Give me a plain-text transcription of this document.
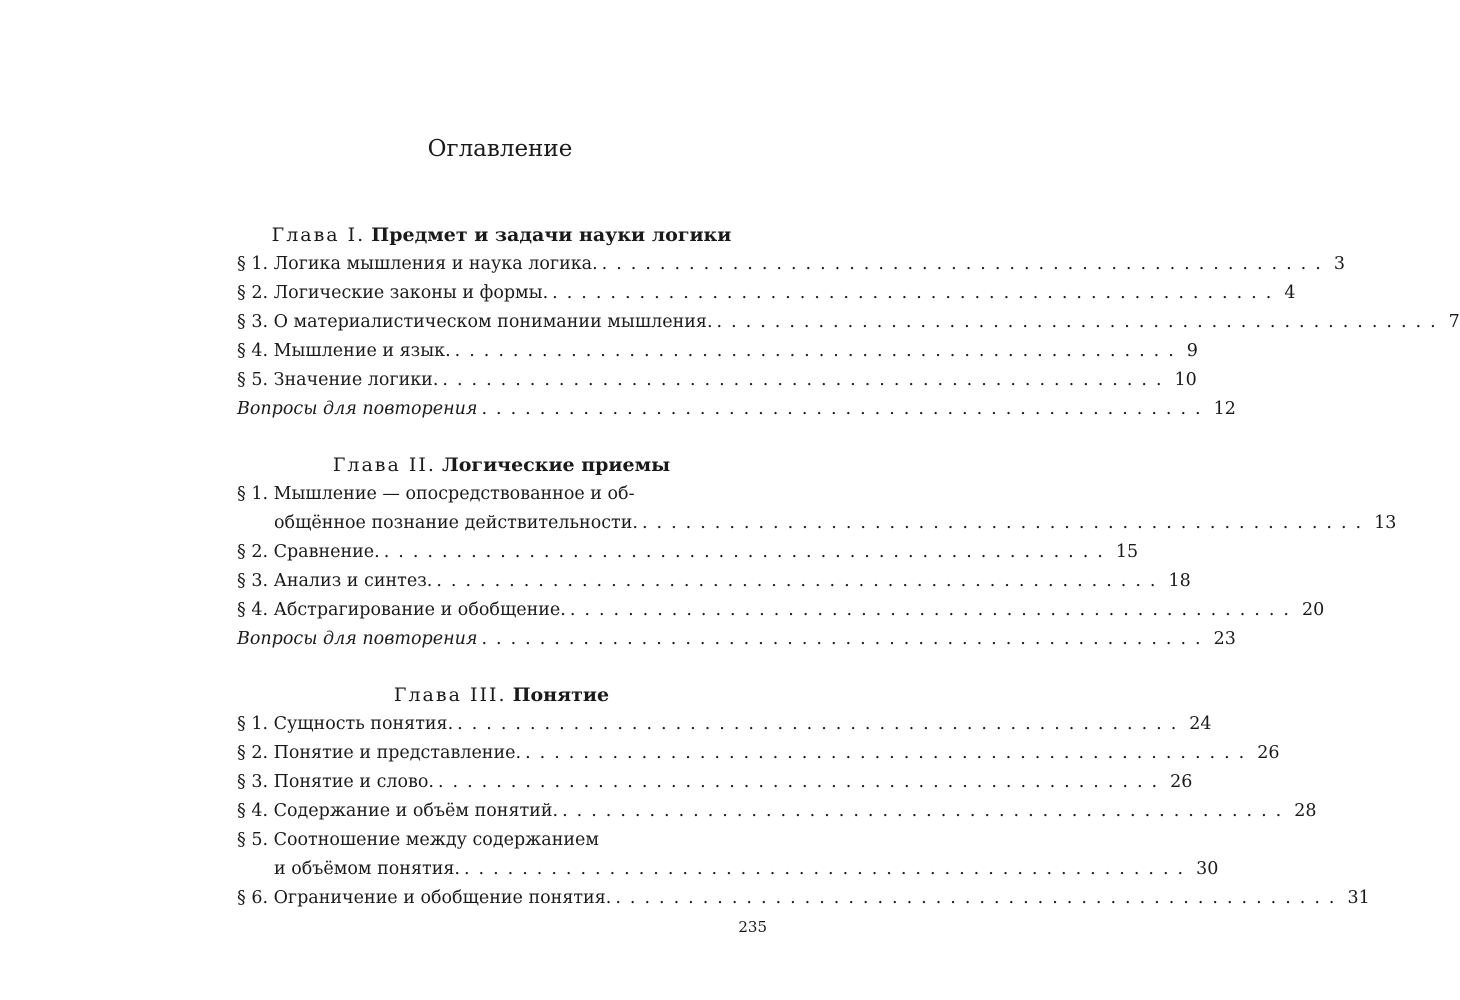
Оглавление
Глава I. Предмет и задачи науки логики
§ 1. Логика мышления и наука логика. .................................................. 3
§ 2. Логические законы и формы. .................................................. 4
§ 3. О материалистическом понимании мышления. .................................................. 7
§ 4. Мышление и язык. .................................................. 9
§ 5. Значение логики. .................................................. 10
Вопросы для повторения .................................................. 12
Глава II. Логические приемы
§ 1. Мышление — опосредствованное и об-
общённое познание действительности. .................................................. 13
§ 2. Сравнение. .................................................. 15
§ 3. Анализ и синтез. .................................................. 18
§ 4. Абстрагирование и обобщение. .................................................. 20
Вопросы для повторения .................................................. 23
Глава III. Понятие
§ 1. Сущность понятия. .................................................. 24
§ 2. Понятие и представление. .................................................. 26
§ 3. Понятие и слово. .................................................. 26
§ 4. Содержание и объём понятий. .................................................. 28
§ 5. Соотношение между содержанием
и объёмом понятия. .................................................. 30
§ 6. Ограничение и обобщение понятия. .................................................. 31
235
